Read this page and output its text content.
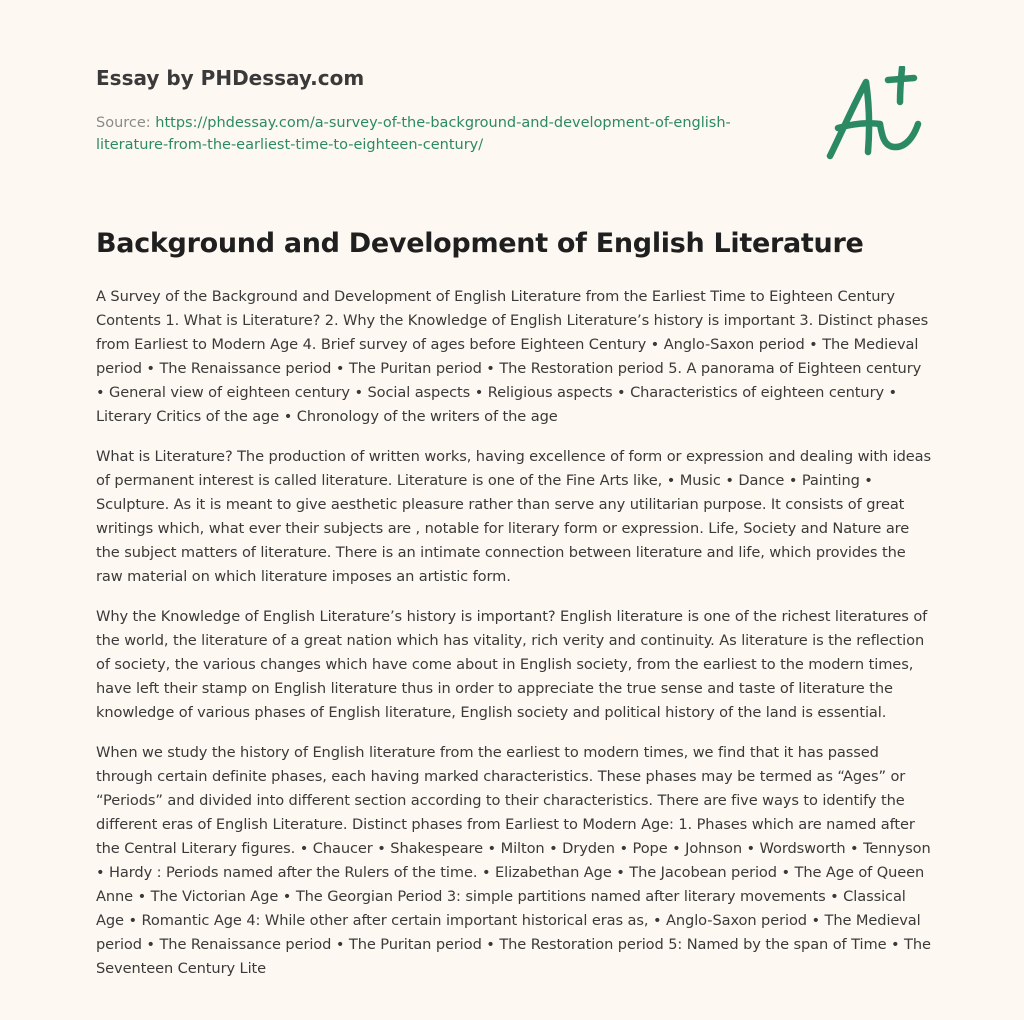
Essay by PHDessay.com
Source: https://phdessay.com/a-survey-of-the-background-and-development-of-english-
literature-from-the-earliest-time-to-eighteen-century/
Background and Development of English Literature

A Survey of the Background and Development of English Literature from the Earliest Time to Eighteen Century Contents 1. What is Literature? 2. Why the Knowledge of English Literature’s history is important 3. Distinct phases from Earliest to Modern Age 4. Brief survey of ages before Eighteen Century • Anglo-Saxon period • The Medieval period • The Renaissance period • The Puritan period • The Restoration period 5. A panorama of Eighteen century • General view of eighteen century • Social aspects • Religious aspects • Characteristics of eighteen century • Literary Critics of the age • Chronology of the writers of the age

What is Literature? The production of written works, having excellence of form or expression and dealing with ideas of permanent interest is called literature. Literature is one of the Fine Arts like, • Music • Dance • Painting • Sculpture. As it is meant to give aesthetic pleasure rather than serve any utilitarian purpose. It consists of great writings which, what ever their subjects are , notable for literary form or expression. Life, Society and Nature are the subject matters of literature. There is an intimate connection between literature and life, which provides the raw material on which literature imposes an artistic form.

Why the Knowledge of English Literature’s history is important? English literature is one of the richest literatures of the world, the literature of a great nation which has vitality, rich verity and continuity. As literature is the reflection of society, the various changes which have come about in English society, from the earliest to the modern times, have left their stamp on English literature thus in order to appreciate the true sense and taste of literature the knowledge of various phases of English literature, English society and political history of the land is essential.

When we study the history of English literature from the earliest to modern times, we find that it has passed through certain definite phases, each having marked characteristics. These phases may be termed as “Ages” or “Periods” and divided into different section according to their characteristics. There are five ways to identify the different eras of English Literature. Distinct phases from Earliest to Modern Age: 1. Phases which are named after the Central Literary figures. • Chaucer • Shakespeare • Milton • Dryden • Pope • Johnson • Wordsworth • Tennyson • Hardy : Periods named after the Rulers of the time. • Elizabethan Age • The Jacobean period • The Age of Queen Anne • The Victorian Age • The Georgian Period 3: simple partitions named after literary movements • Classical Age • Romantic Age 4: While other after certain important historical eras as, • Anglo-Saxon period • The Medieval period • The Renaissance period • The Puritan period • The Restoration period 5: Named by the span of Time • The Seventeen Century Lite
